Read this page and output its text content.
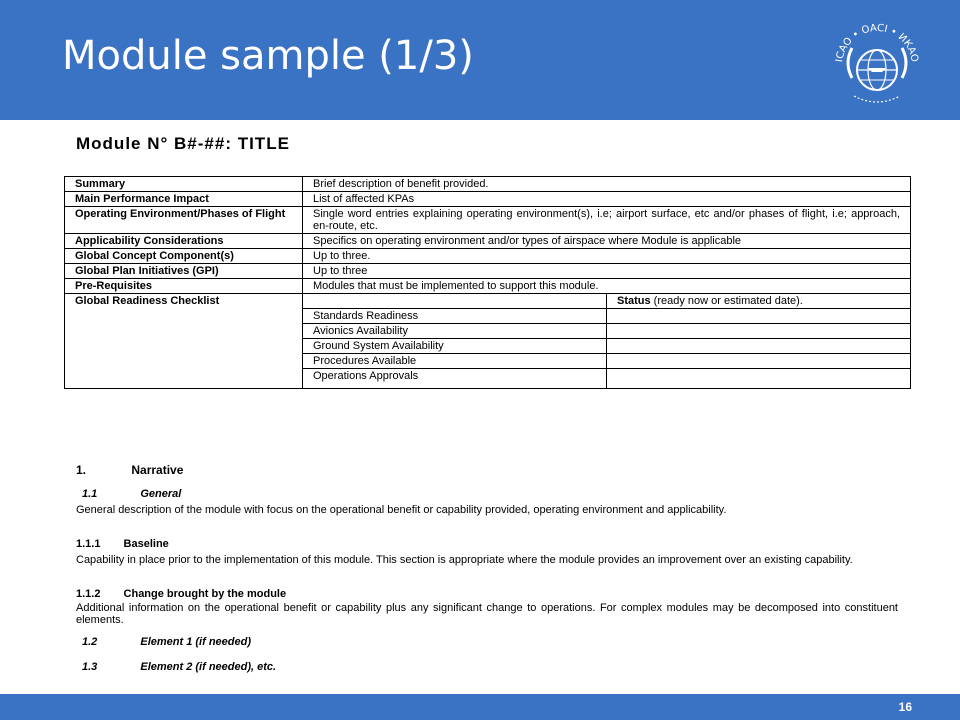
Module sample (1/3)	ICAO • OACI • ИКАО
Module N° B#-##: TITLE
Summary	Brief description of benefit provided.	
Main Performance Impact	List of affected KPAs	
Operating Environment/Phases of Flight	Single word entries explaining operating environment(s), i.e; airport surface, etc and/or phases of flight, i.e; approach, en-route, etc.	
Applicability Considerations	Specifics on operating environment and/or types of airspace where Module is applicable	
Global Concept Component(s)	Up to three.	
Global Plan Initiatives (GPI)	Up to three	
Pre-Requisites	Modules that must be implemented to support this module.	
Global Readiness Checklist		Status (ready now or estimated date).
	Standards Readiness	
	Avionics Availability	
	Ground System Availability	
	Procedures Available	
	Operations Approvals	
1.	Narrative
1.1	General
General description of the module with focus on the operational benefit or capability provided, operating environment and applicability.
1.1.1 Baseline
Capability in place prior to the implementation of this module. This section is appropriate where the module provides an improvement over an existing capability.
1.1.2 Change brought by the module
Additional information on the operational benefit or capability plus any significant change to operations. For complex modules may be decomposed into constituent elements.
1.2	Element 1 (if needed)
1.3	Element 2 (if needed), etc.
16
